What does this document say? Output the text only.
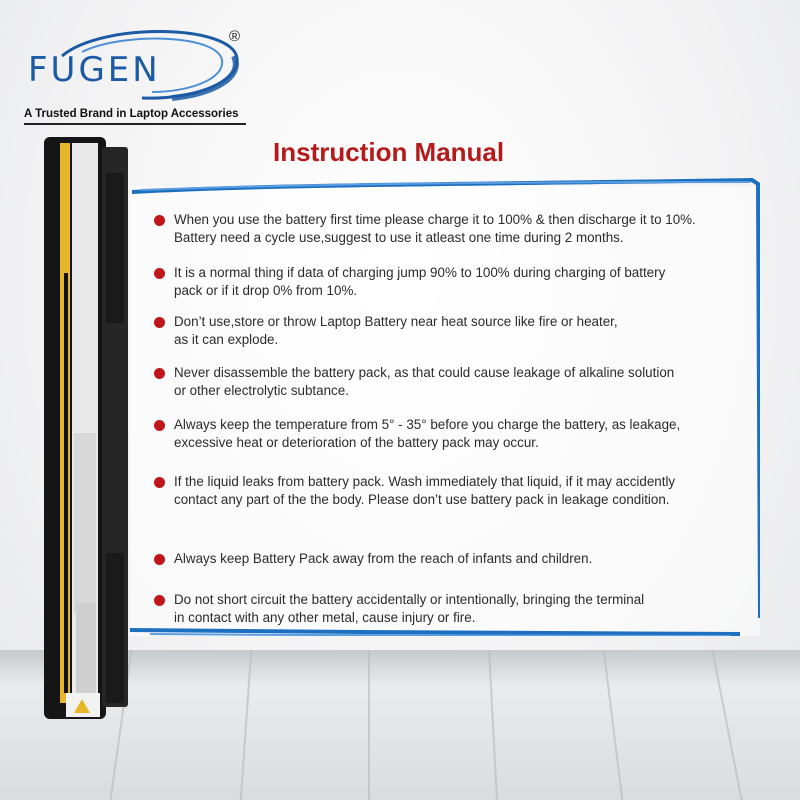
FUGEN
®
A Trusted Brand in Laptop Accessories
Instruction Manual
When you use the battery first time please charge it to 100% & then discharge it to 10%.
Battery need a cycle use,suggest to use it atleast one time during 2 months.
It is a normal thing if data of charging jump 90% to 100% during charging of battery
pack or if it drop 0% from 10%.
Don’t use,store or throw Laptop Battery near heat source like fire or heater,
as it can explode.
Never disassemble the battery pack, as that could cause leakage of alkaline solution
or other electrolytic subtance.
Always keep the temperature from 5° - 35° before you charge the battery, as leakage,
excessive heat or deterioration of the battery pack may occur.
If the liquid leaks from battery pack. Wash immediately that liquid, if it may accidently
contact any part of the the body. Please don’t use battery pack in leakage condition.
Always keep Battery Pack away from the reach of infants and children.
Do not short circuit the battery accidentally or intentionally, bringing the terminal
in contact with any other metal, cause injury or fire.
